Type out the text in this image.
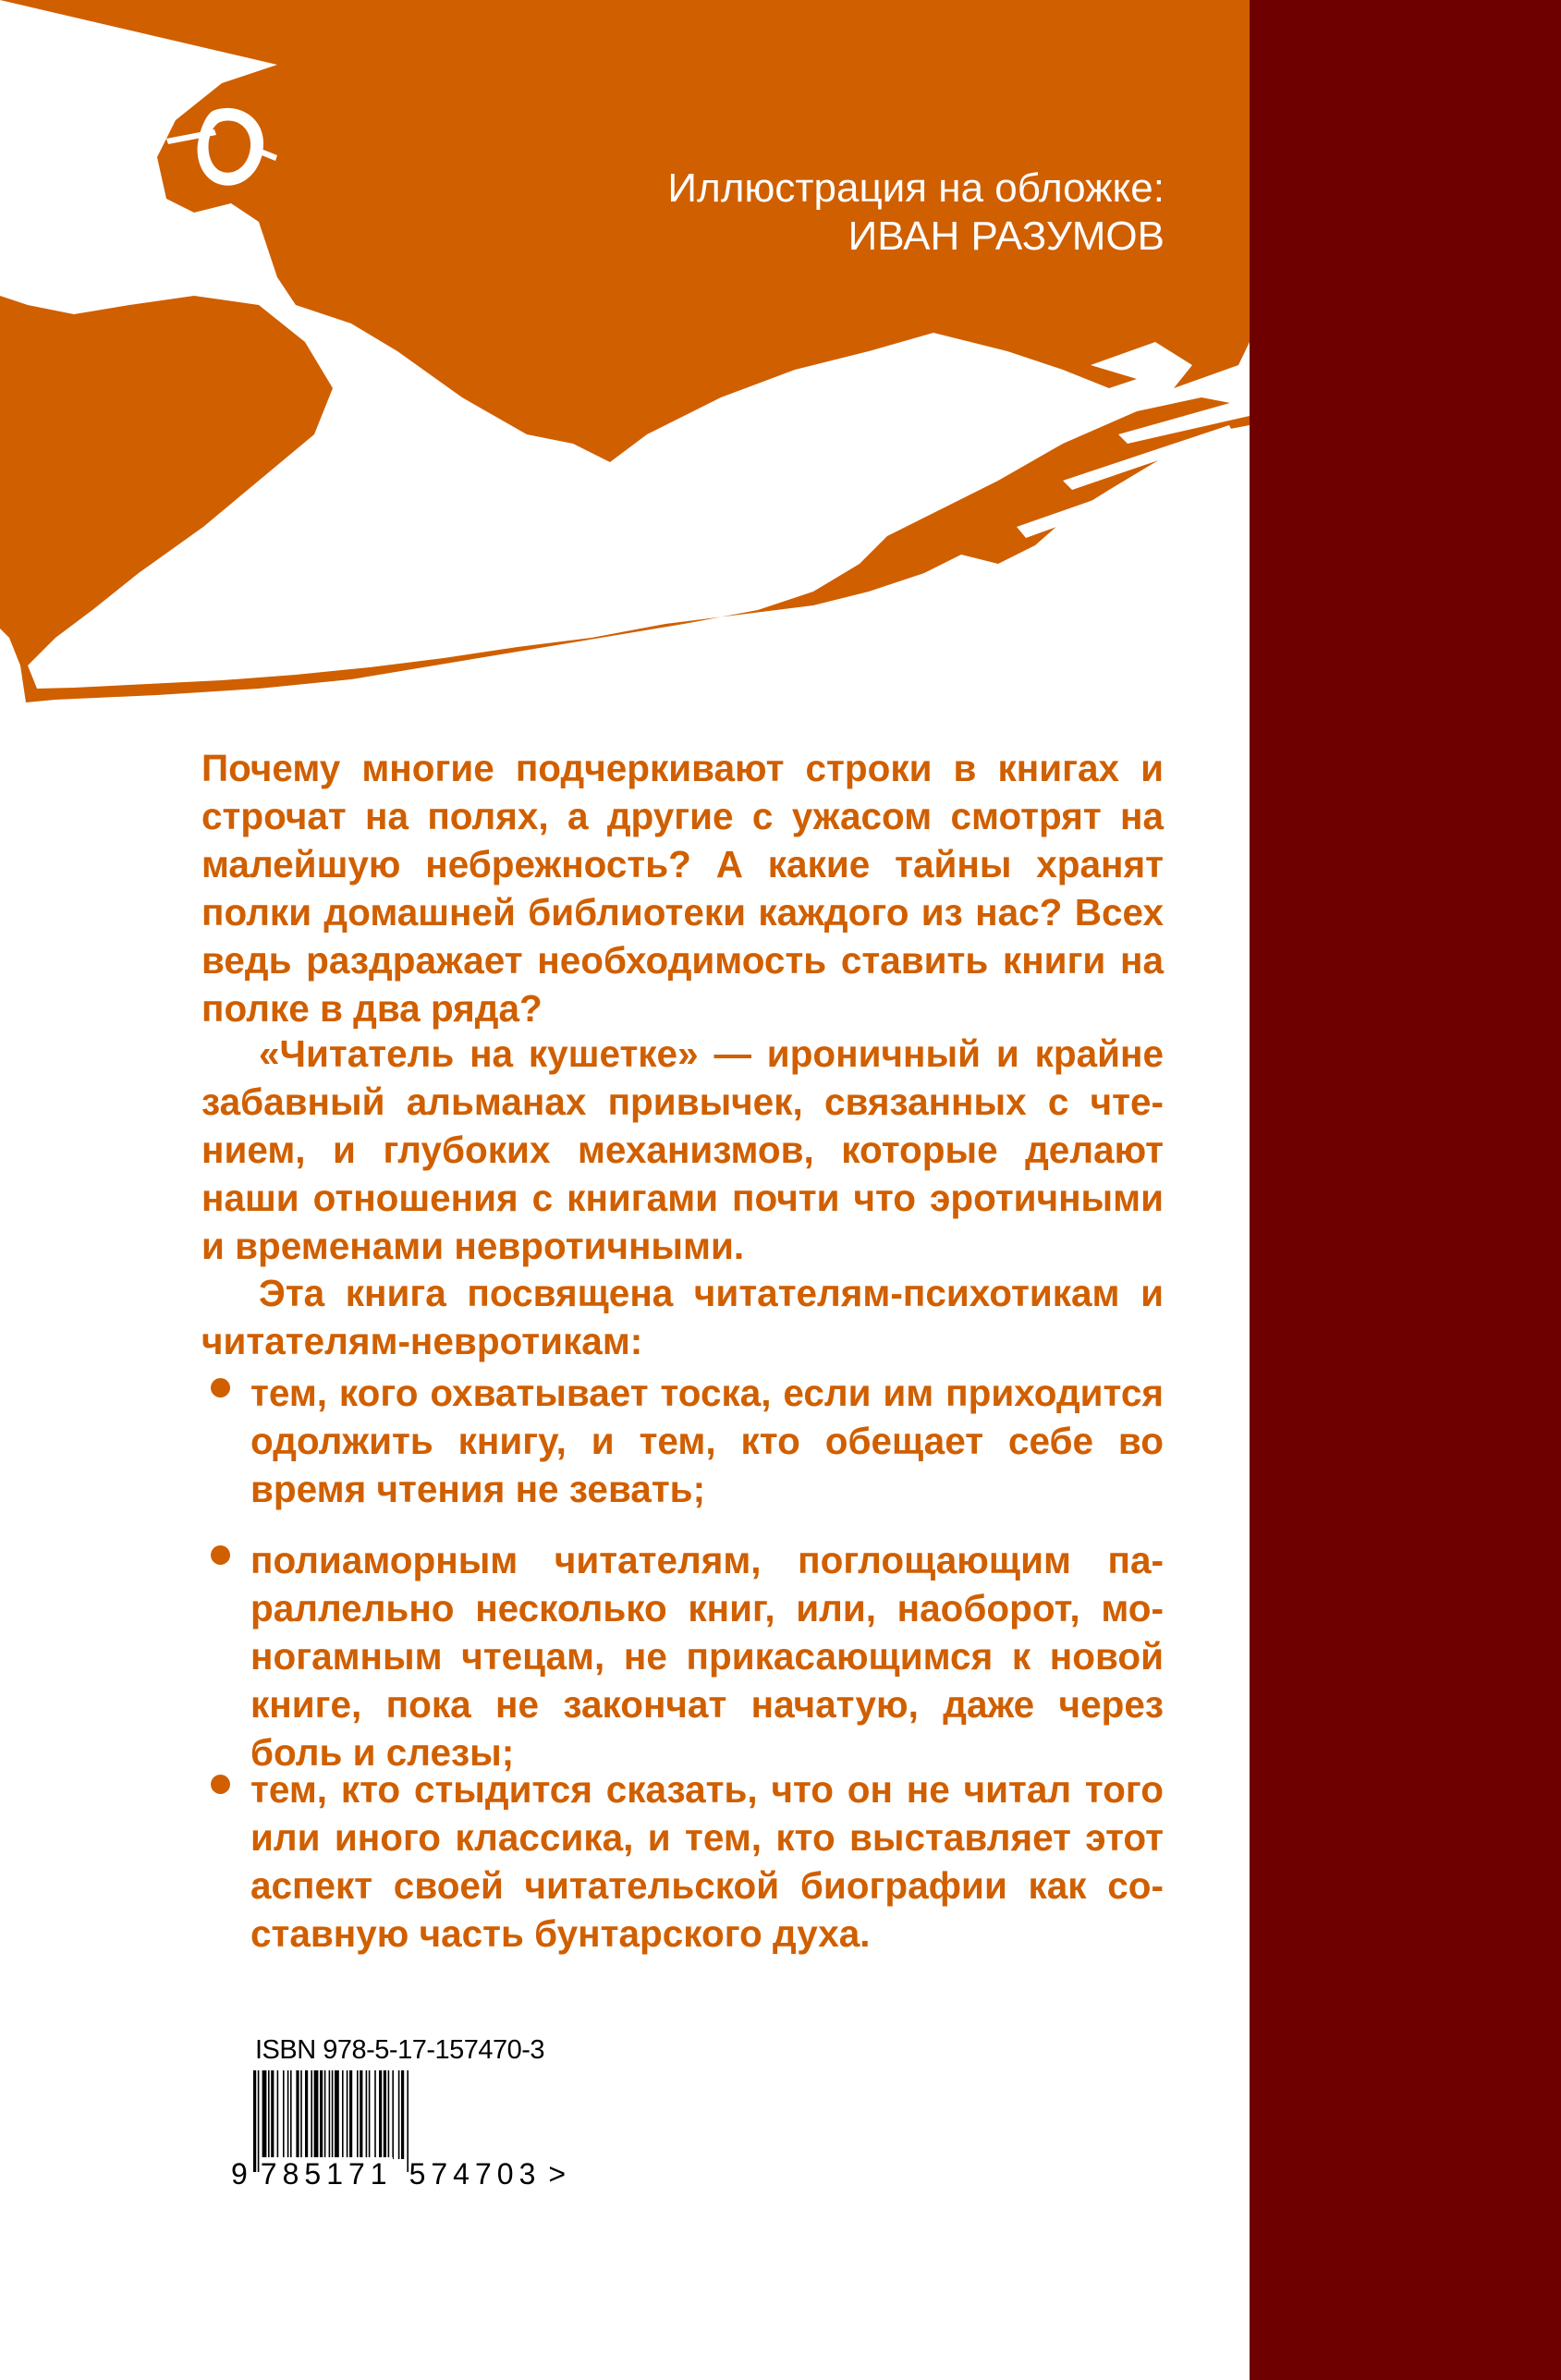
Иллюстрация на обложке:
ИВАН РАЗУМОВ

Почему многие подчеркивают строки в книгах и строчат на полях, а другие с ужасом смотрят на малейшую небрежность? А какие тайны хранят полки домашней библиотеки каждого из нас? Всех ведь раздражает необходимость ставить книги на полке в два ряда?

«Читатель на кушетке» — ироничный и крайне забавный альманах привычек, связанных с чтением, и глубоких механизмов, которые делают наши отношения с книгами почти что эротичными и временами невротичными.

Эта книга посвящена читателям-психотикам и читателям-невротикам:

тем, кого охватывает тоска, если им приходится одолжить книгу, и тем, кто обещает себе во время чтения не зевать;
полиаморным читателям, поглощающим параллельно несколько книг, или, наоборот, моногамным чтецам, не прикасающимся к новой книге, пока не закончат начатую, даже через боль и слезы;
тем, кто стыдится сказать, что он не читал того или иного классика, и тем, кто выставляет этот аспект своей читательской биографии как составную часть бунтарского духа.
ISBN 978-5-17-157470-3
9 785171 574703 >
